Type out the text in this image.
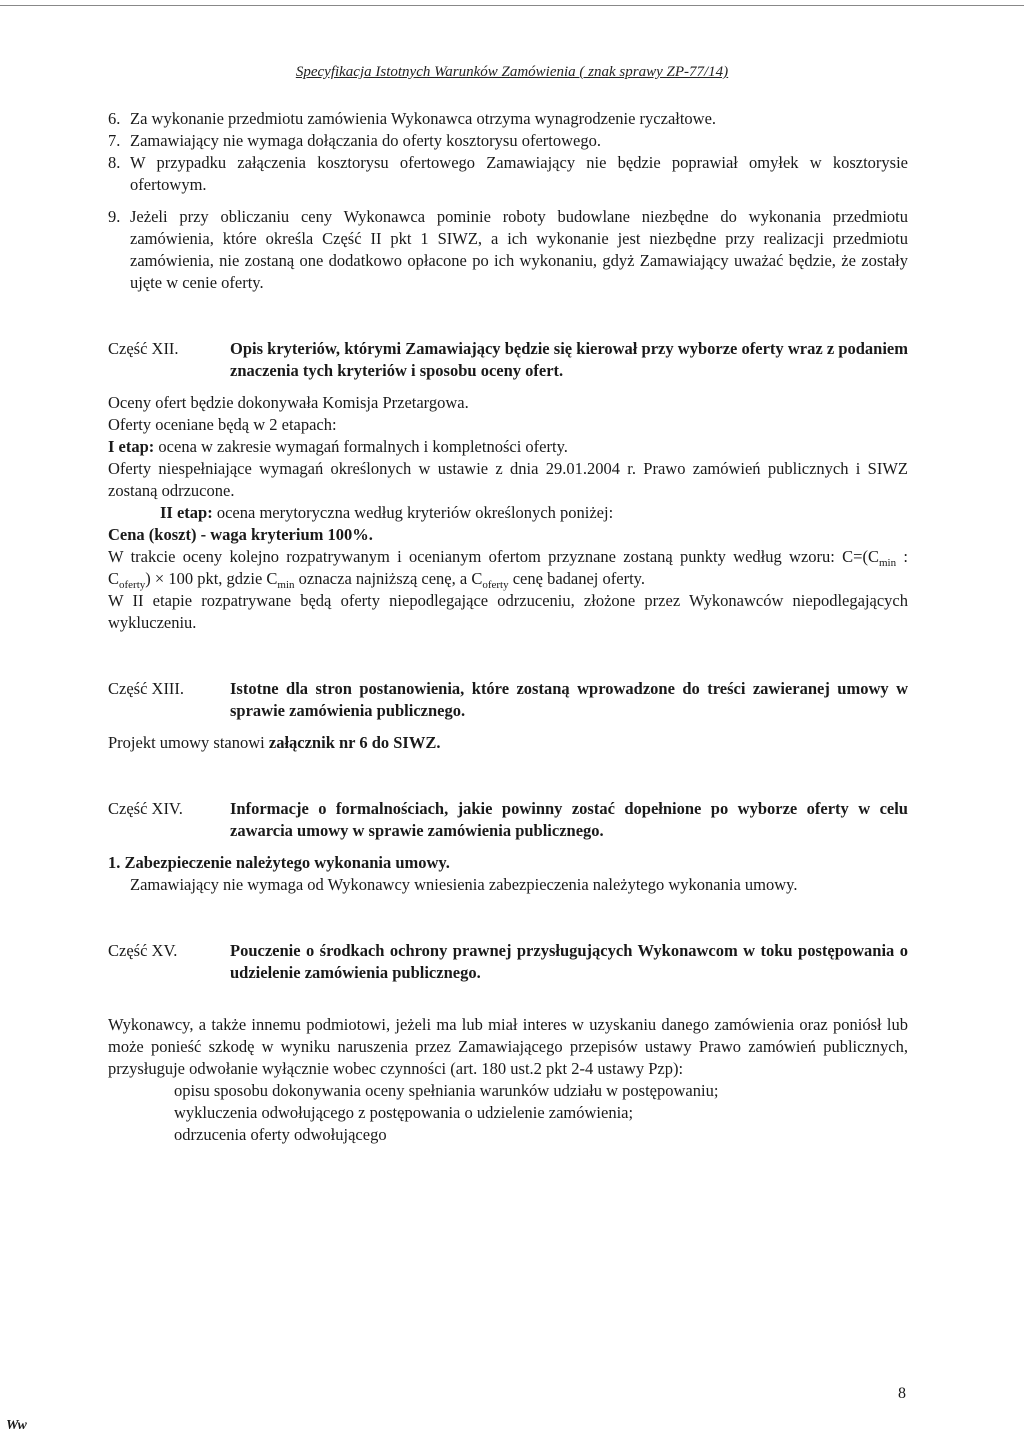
Specyfikacja Istotnych Warunków Zamówienia ( znak sprawy ZP-77/14)
6. Za wykonanie przedmiotu zamówienia Wykonawca otrzyma wynagrodzenie ryczałtowe.
7. Zamawiający nie wymaga dołączania do oferty kosztorysu ofertowego.
8. W przypadku załączenia kosztorysu ofertowego Zamawiający nie będzie poprawiał omyłek w kosztorysie ofertowym.
9. Jeżeli przy obliczaniu ceny Wykonawca pominie roboty budowlane niezbędne do wykonania przedmiotu zamówienia, które określa Część II pkt 1 SIWZ, a ich wykonanie jest niezbędne przy realizacji przedmiotu zamówienia, nie zostaną one dodatkowo opłacone po ich wykonaniu, gdyż Zamawiający uważać będzie, że zostały ujęte w cenie oferty.
Część XII.	Opis kryteriów, którymi Zamawiający będzie się kierował przy wyborze oferty wraz z podaniem znaczenia tych kryteriów i sposobu oceny ofert.

Oceny ofert będzie dokonywała Komisja Przetargowa.

Oferty oceniane będą w 2 etapach:

I etap: ocena w zakresie wymagań formalnych i kompletności oferty.

Oferty niespełniające wymagań określonych w ustawie z dnia 29.01.2004 r. Prawo zamówień publicznych i SIWZ zostaną odrzucone.

II etap: ocena merytoryczna według kryteriów określonych poniżej:

Cena (koszt) - waga kryterium 100%.

W trakcie oceny kolejno rozpatrywanym i ocenianym ofertom przyznane zostaną punkty według wzoru: $C=(C_{min}$ : $C_{oferty}) \times 100$ pkt, gdzie $C_{min}$ oznacza najniższą cenę, a $C_{oferty}$ cenę badanej oferty.

W II etapie rozpatrywane będą oferty niepodlegające odrzuceniu, złożone przez Wykonawców niepodlegających wykluczeniu.

Część XIII.	Istotne dla stron postanowienia, które zostaną wprowadzone do treści zawieranej umowy w sprawie zamówienia publicznego.

Projekt umowy stanowi załącznik nr 6 do SIWZ.

Część XIV.	Informacje o formalnościach, jakie powinny zostać dopełnione po wyborze oferty w celu zawarcia umowy w sprawie zamówienia publicznego.

1. Zabezpieczenie należytego wykonania umowy.

Zamawiający nie wymaga od Wykonawcy wniesienia zabezpieczenia należytego wykonania umowy.

Część XV.	Pouczenie o środkach ochrony prawnej przysługujących Wykonawcom w toku postępowania o udzielenie zamówienia publicznego.

Wykonawcy, a także innemu podmiotowi, jeżeli ma lub miał interes w uzyskaniu danego zamówienia oraz poniósł lub może ponieść szkodę w wyniku naruszenia przez Zamawiającego przepisów ustawy Prawo zamówień publicznych, przysługuje odwołanie wyłącznie wobec czynności (art. 180 ust.2 pkt 2-4 ustawy Pzp):

opisu sposobu dokonywania oceny spełniania warunków udziału w postępowaniu;

wykluczenia odwołującego z postępowania o udzielenie zamówienia;

odrzucenia oferty odwołującego

8
Ww
